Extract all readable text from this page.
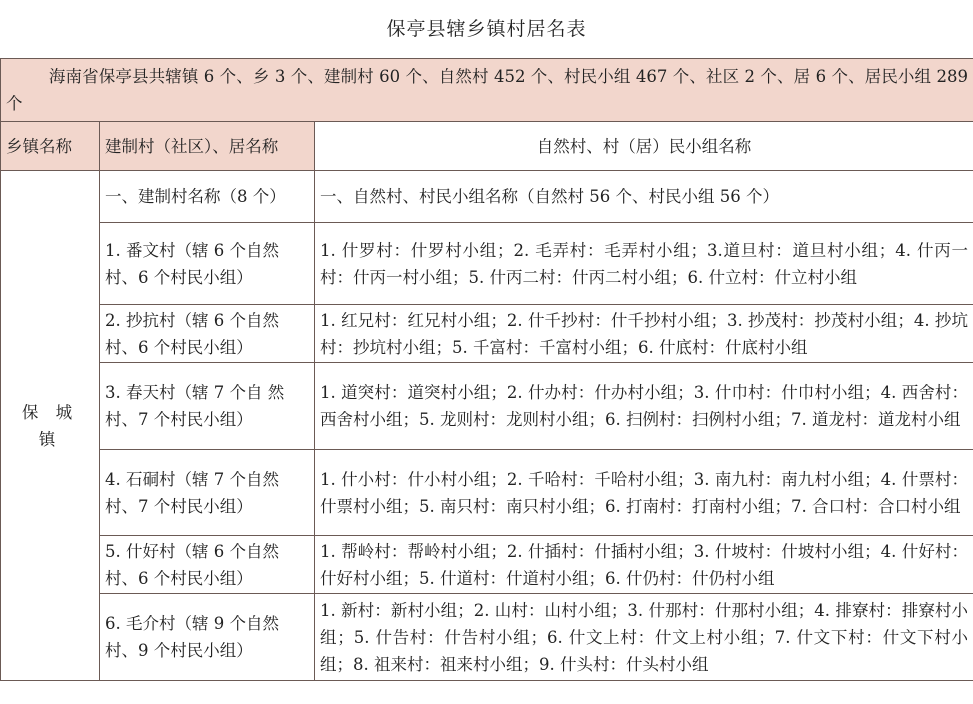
保亭县辖乡镇村居名表
海南省保亭县共辖镇 6 个、乡 3 个、建制村 60 个、自然村 452 个、村民小组 467 个、社区 2 个、居 6 个、居民小组 289 个		
乡镇名称	建制村（社区）、居名称	自然村、村（居）民小组名称
保 城 镇	一、建制村名称（8 个）	一、自然村、村民小组名称（自然村 56 个、村民小组 56 个）
	1. 番文村（辖 6 个自然村、6 个村民小组）	1. 什罗村：什罗村小组；2. 毛弄村：毛弄村小组；3.道旦村：道旦村小组；4. 什丙一村：什丙一村小组；5. 什丙二村：什丙二村小组；6. 什立村：什立村小组
	2. 抄抗村（辖 6 个自然村、6 个村民小组）	1. 红兄村：红兄村小组；2. 什千抄村：什千抄村小组；3. 抄茂村：抄茂村小组；4. 抄坑村：抄坑村小组；5. 千富村：千富村小组；6. 什底村：什底村小组
	3. 春天村（辖 7 个自 然村、7 个村民小组）	1. 道突村：道突村小组；2. 什办村：什办村小组；3. 什巾村：什巾村小组；4. 西舍村：西舍村小组；5. 龙则村：龙则村小组；6. 扫例村：扫例村小组；7. 道龙村：道龙村小组
	4. 石硐村（辖 7 个自然村、7 个村民小组）	1. 什小村：什小村小组；2. 千哈村：千哈村小组；3. 南九村：南九村小组；4. 什票村：什票村小组；5. 南只村：南只村小组；6. 打南村：打南村小组；7. 合口村：合口村小组
	5. 什好村（辖 6 个自然村、6 个村民小组）	1. 帮岭村：帮岭村小组；2. 什插村：什插村小组；3. 什坡村：什坡村小组；4. 什好村：什好村小组；5. 什道村：什道村小组；6. 什仍村：什仍村小组
	6. 毛介村（辖 9 个自然村、9 个村民小组）	1. 新村：新村小组；2. 山村：山村小组；3. 什那村：什那村小组；4. 排寮村：排寮村小组；5. 什告村：什告村小组；6. 什文上村：什文上村小组；7. 什文下村：什文下村小组；8. 祖来村：祖来村小组；9. 什头村：什头村小组
